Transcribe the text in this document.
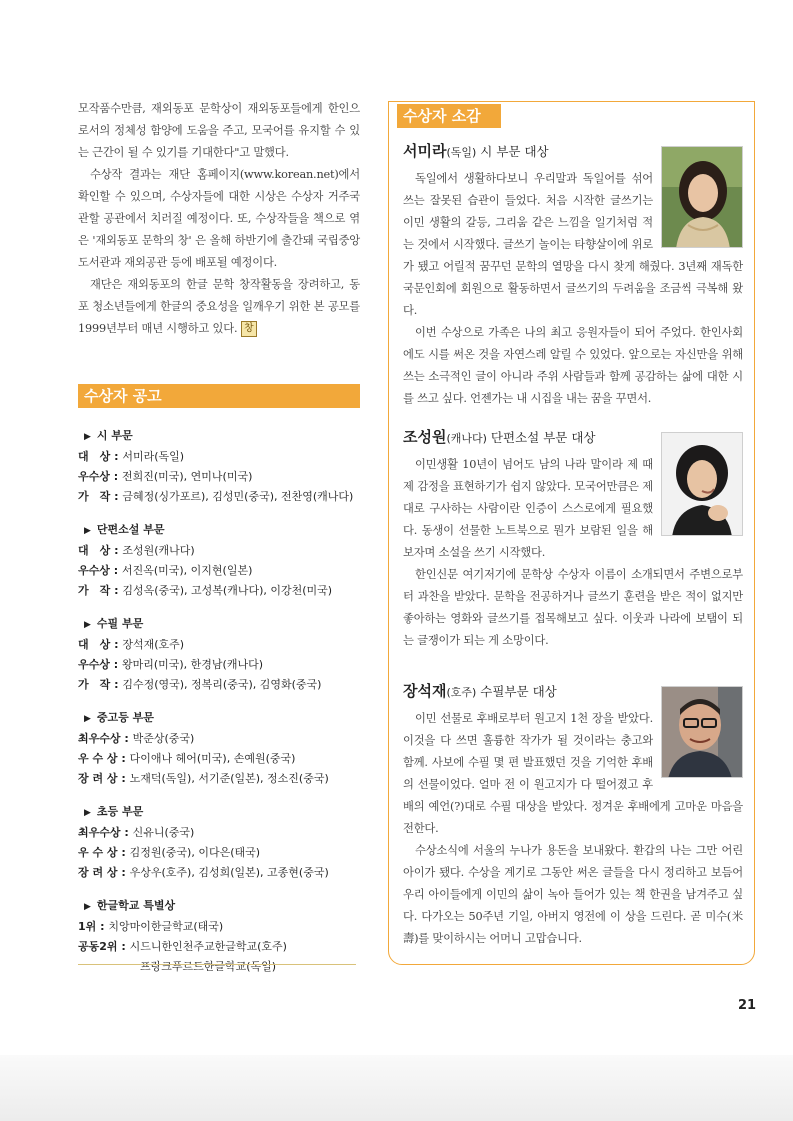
모작품수만큼, 재외동포 문학상이 재외동포들에게 한인으로서의 정체성 함양에 도움을 주고, 모국어를 유지할 수 있는 근간이 될 수 있기를 기대한다"고 말했다.

수상작 결과는 재단 홈페이지(www.korean.net)에서 확인할 수 있으며, 수상자들에 대한 시상은 수상자 거주국 관할 공관에서 치러질 예정이다. 또, 수상작들을 책으로 엮은 '재외동포 문학의 창' 은 올해 하반기에 출간돼 국립중앙 도서관과 재외공관 등에 배포될 예정이다.

재단은 재외동포의 한글 문학 창작활동을 장려하고, 동포 청소년들에게 한글의 중요성을 일깨우기 위한 본 공모를 1999년부터 매년 시행하고 있다. 창

수상자 공고
▶ 시 부문
대　상 : 서미라(독일)
우수상 : 전희진(미국), 연미나(미국)
가　작 : 금혜정(싱가포르), 김성민(중국), 전찬영(캐나다)
▶ 단편소설 부문
대　상 : 조성원(캐나다)
우수상 : 서진옥(미국), 이지현(일본)
가　작 : 김성옥(중국), 고성복(캐나다), 이강천(미국)
▶ 수필 부문
대　상 : 장석재(호주)
우수상 : 왕마리(미국), 한경남(캐나다)
가　작 : 김수정(영국), 정복리(중국), 김영화(중국)
▶ 중고등 부문
최우수상 : 박준상(중국)
우 수 상 : 다이애나 헤어(미국), 손예원(중국)
장 려 상 : 노재덕(독일), 서기준(일본), 정소진(중국)
▶ 초등 부문
최우수상 : 신유니(중국)
우 수 상 : 김정원(중국), 이다은(태국)
장 려 상 : 우상우(호주), 김성희(일본), 고종현(중국)
▶ 한글학교 특별상
1위 : 치앙마이한글학교(태국)
공동2위 : 시드니한인천주교한글학교(호주)
프랑크푸르트한글학교(독일)
수상자 소감
서미라(독일) 시 부문 대상

독일에서 생활하다보니 우리말과 독일어를 섞어 쓰는 잘못된 습관이 들었다. 처음 시작한 글쓰기는 이민 생활의 갈등, 그리움 같은 느낌을 일기처럼 적는 것에서 시작했다. 글쓰기 놀이는 타향살이에 위로가 됐고 어릴적 꿈꾸던 문학의 열망을 다시 찾게 해줬다. 3년째 재독한국문인회에 회원으로 활동하면서 글쓰기의 두려움을 조금씩 극복해 왔다.

이번 수상으로 가족은 나의 최고 응원자들이 되어 주었다. 한인사회에도 시를 써온 것을 자연스레 알릴 수 있었다. 앞으로는 자신만을 위해 쓰는 소극적인 글이 아니라 주위 사람들과 함께 공감하는 삶에 대한 시를 쓰고 싶다. 언젠가는 내 시집을 내는 꿈을 꾸면서.

조성원(캐나다) 단편소설 부문 대상

이민생활 10년이 넘어도 남의 나라 말이라 제 때 제 감정을 표현하기가 쉽지 않았다. 모국어만큼은 제대로 구사하는 사람이란 인증이 스스로에게 필요했다. 동생이 선물한 노트북으로 뭔가 보람된 일을 해보자며 소설을 쓰기 시작했다.

한인신문 여기저기에 문학상 수상자 이름이 소개되면서 주변으로부터 과찬을 받았다. 문학을 전공하거나 글쓰기 훈련을 받은 적이 없지만 좋아하는 영화와 글쓰기를 접목해보고 싶다. 이웃과 나라에 보탬이 되는 글쟁이가 되는 게 소망이다.

장석재(호주) 수필부문 대상

이민 선물로 후배로부터 원고지 1천 장을 받았다. 이것을 다 쓰면 훌륭한 작가가 될 것이라는 충고와 함께. 사보에 수필 몇 편 발표했던 것을 기억한 후배의 선물이었다. 얼마 전 이 원고지가 다 떨어졌고 후배의 예언(?)대로 수필 대상을 받았다. 정겨운 후배에게 고마운 마음을 전한다.

수상소식에 서울의 누나가 용돈을 보내왔다. 환갑의 나는 그만 어린아이가 됐다. 수상을 계기로 그동안 써온 글들을 다시 정리하고 보듬어 우리 아이들에게 이민의 삶이 녹아 들어가 있는 책 한권을 남겨주고 싶다. 다가오는 50주년 기일, 아버지 영전에 이 상을 드린다. 곧 미수(米壽)를 맞이하시는 어머니 고맙습니다.

21
